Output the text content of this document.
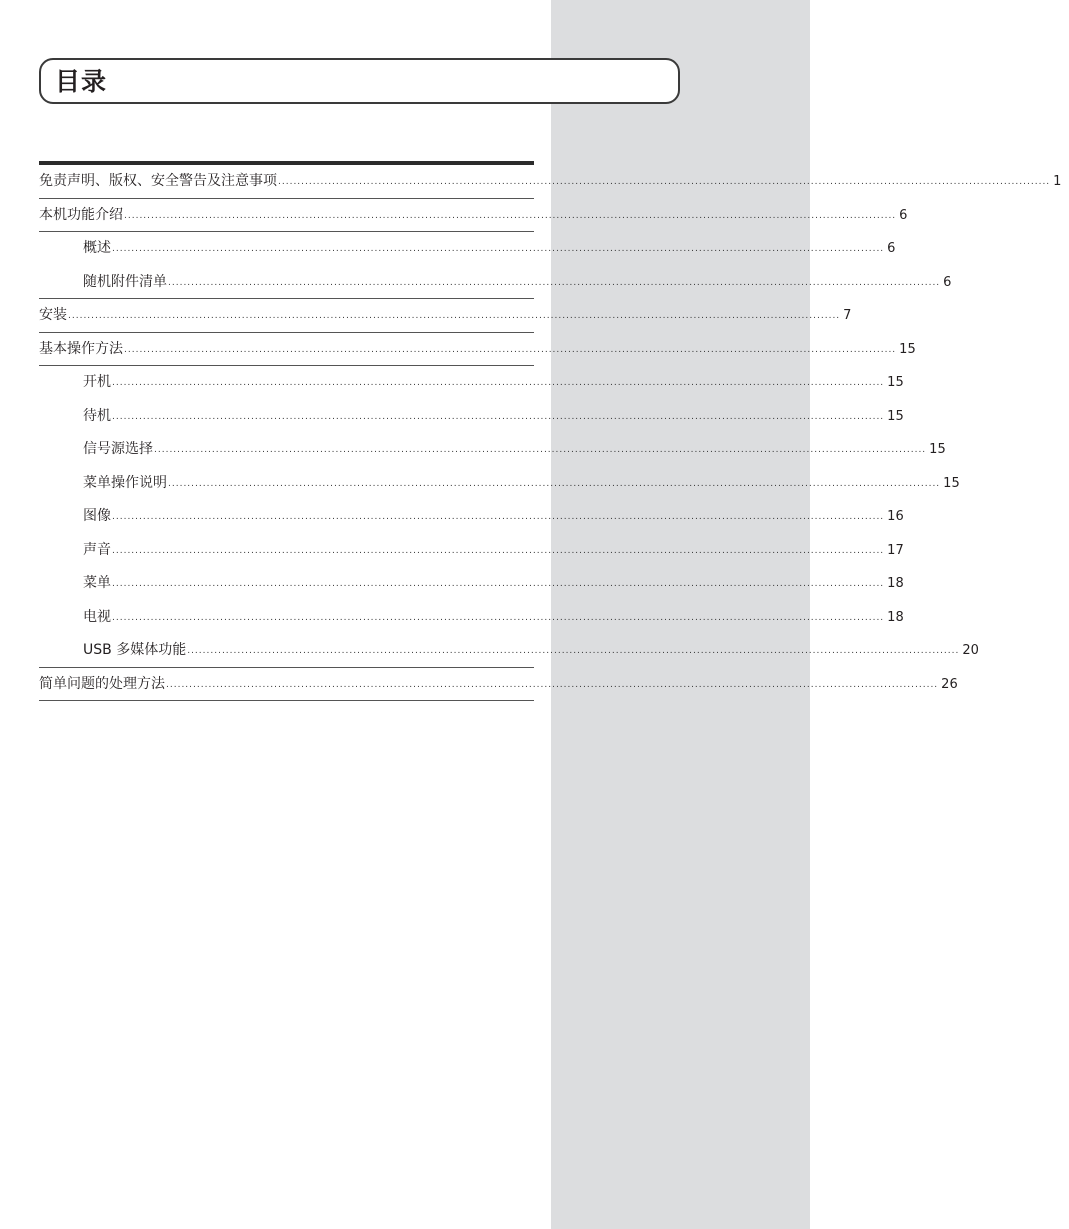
目录
免责声明、版权、安全警告及注意事项 ........................................................................................................................................................................................................ 1
本机功能介绍 ........................................................................................................................................................................................................ 6
概述 ........................................................................................................................................................................................................ 6
随机附件清单 ........................................................................................................................................................................................................ 6
安装 ........................................................................................................................................................................................................ 7
基本操作方法 ........................................................................................................................................................................................................ 15
开机 ........................................................................................................................................................................................................ 15
待机 ........................................................................................................................................................................................................ 15
信号源选择 ........................................................................................................................................................................................................ 15
菜单操作说明 ........................................................................................................................................................................................................ 15
图像 ........................................................................................................................................................................................................ 16
声音 ........................................................................................................................................................................................................ 17
菜单 ........................................................................................................................................................................................................ 18
电视 ........................................................................................................................................................................................................ 18
USB 多媒体功能 ........................................................................................................................................................................................................ 20
简单问题的处理方法 ........................................................................................................................................................................................................ 26
